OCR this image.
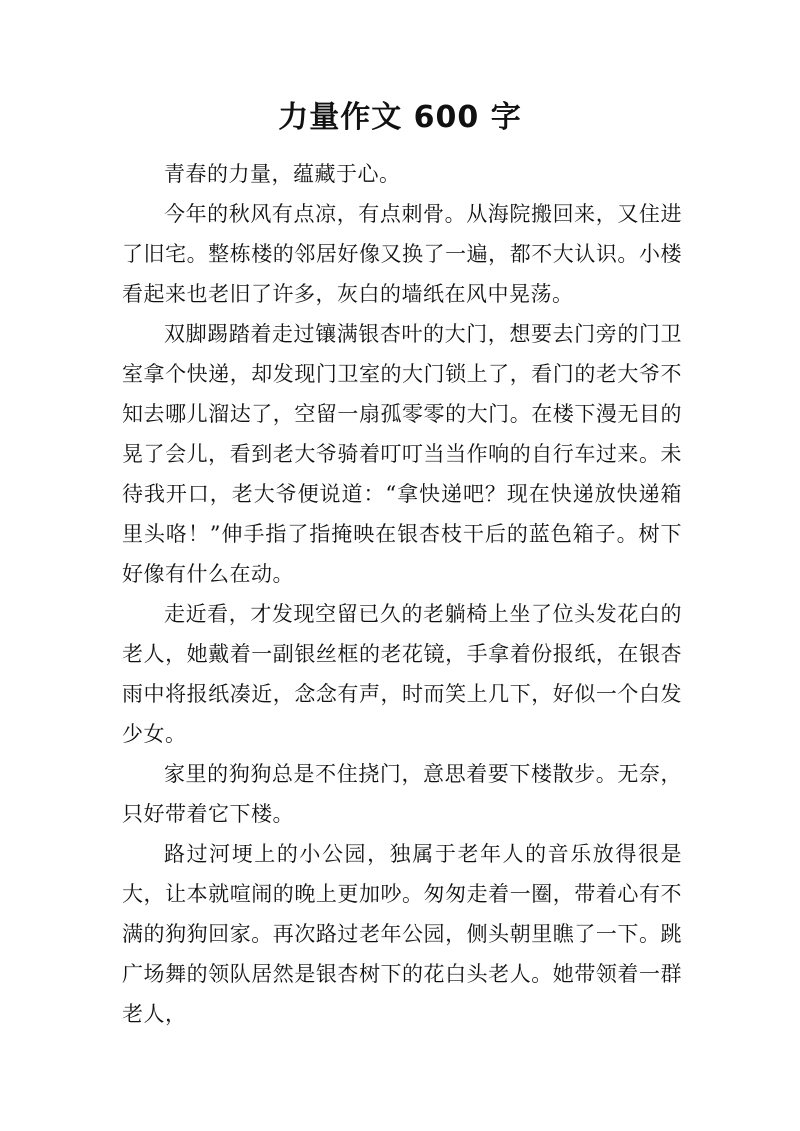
力量作文 600 字

青春的力量，蕴藏于心。

今年的秋风有点凉，有点刺骨。从海院搬回来，又住进了旧宅。整栋楼的邻居好像又换了一遍，都不大认识。小楼看起来也老旧了许多，灰白的墙纸在风中晃荡。

双脚踢踏着走过镶满银杏叶的大门，想要去门旁的门卫室拿个快递，却发现门卫室的大门锁上了，看门的老大爷不知去哪儿溜达了，空留一扇孤零零的大门。在楼下漫无目的晃了会儿，看到老大爷骑着叮叮当当作响的自行车过来。未待我开口，老大爷便说道：“拿快递吧？现在快递放快递箱里头咯！”伸手指了指掩映在银杏枝干后的蓝色箱子。树下好像有什么在动。

走近看，才发现空留已久的老躺椅上坐了位头发花白的老人，她戴着一副银丝框的老花镜，手拿着份报纸，在银杏雨中将报纸凑近，念念有声，时而笑上几下，好似一个白发少女。

家里的狗狗总是不住挠门，意思着要下楼散步。无奈，只好带着它下楼。

路过河埂上的小公园，独属于老年人的音乐放得很是大，让本就喧闹的晚上更加吵。匆匆走着一圈，带着心有不满的狗狗回家。再次路过老年公园，侧头朝里瞧了一下。跳广场舞的领队居然是银杏树下的花白头老人。她带领着一群老人，
